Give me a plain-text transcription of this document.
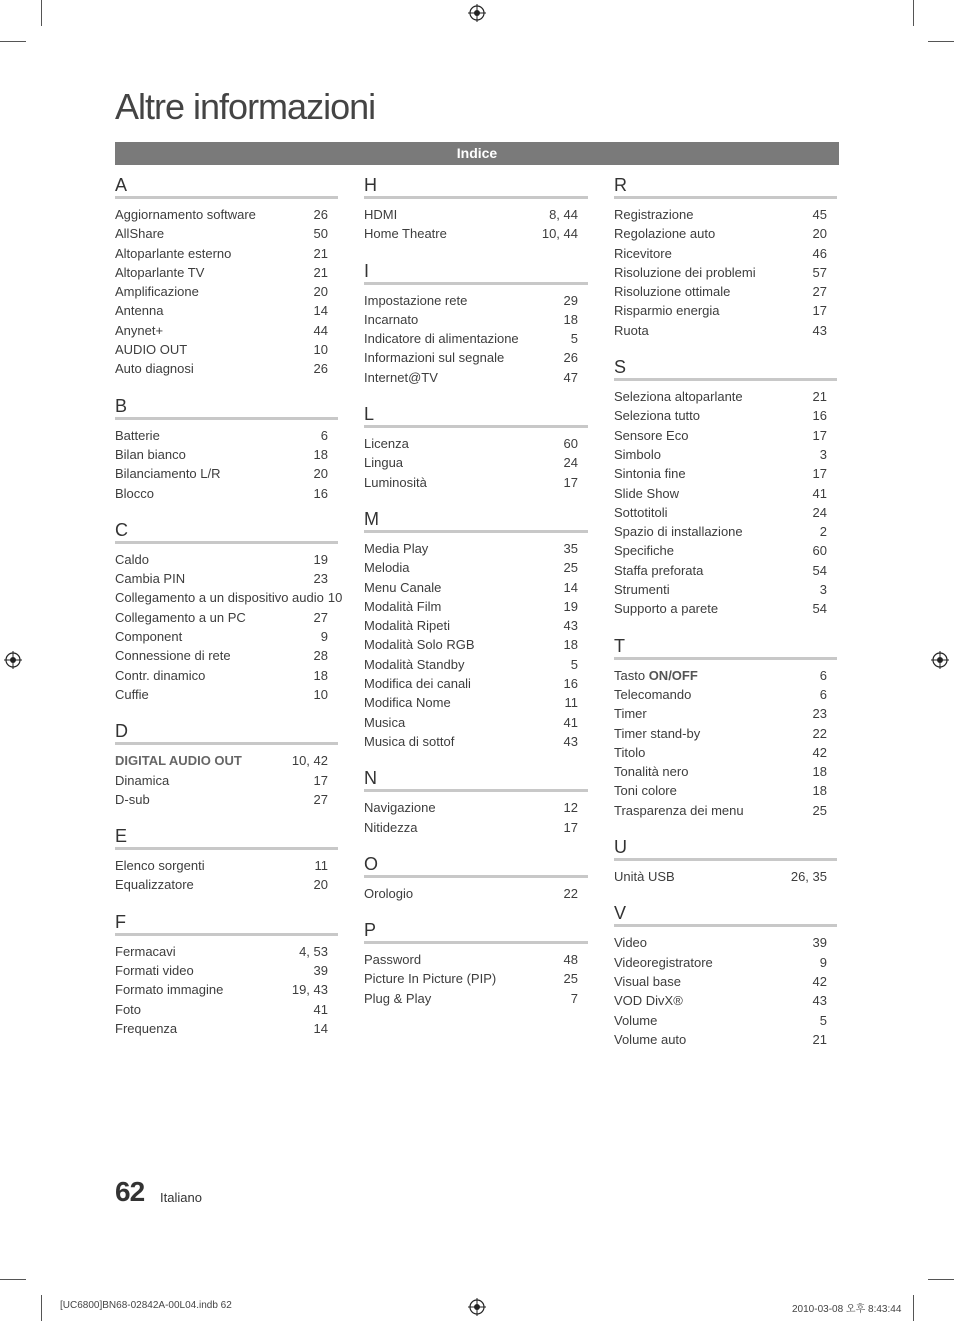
Altre informazioni
Indice
A
Aggiornamento software	26
AllShare	50
Altoparlante esterno	21
Altoparlante TV	21
Amplificazione	20
Antenna	14
Anynet+	44
AUDIO OUT	10
Auto diagnosi	26
B
Batterie	6
Bilan bianco	18
Bilanciamento L/R	20
Blocco	16
C
Caldo	19
Cambia PIN	23
Collegamento a un dispositivo audio 10
Collegamento a un PC	27
Component	9
Connessione di rete	28
Contr. dinamico	18
Cuffie	10
D
DIGITAL AUDIO OUT	10, 42
Dinamica	17
D-sub	27
E
Elenco sorgenti	11
Equalizzatore	20
F
Fermacavi	4, 53
Formati video	39
Formato immagine	19, 43
Foto	41
Frequenza	14
H
HDMI	8, 44
Home Theatre	10, 44
I
Impostazione rete	29
Incarnato	18
Indicatore di alimentazione	5
Informazioni sul segnale	26
Internet@TV	47
L
Licenza	60
Lingua	24
Luminosità	17
M
Media Play	35
Melodia	25
Menu Canale	14
Modalità Film	19
Modalità Ripeti	43
Modalità Solo RGB	18
Modalità Standby	5
Modifica dei canali	16
Modifica Nome	11
Musica	41
Musica di sottof	43
N
Navigazione	12
Nitidezza	17
O
Orologio	22
P
Password	48
Picture In Picture (PIP)	25
Plug & Play	7
R
Registrazione	45
Regolazione auto	20
Ricevitore	46
Risoluzione dei problemi	57
Risoluzione ottimale	27
Risparmio energia	17
Ruota	43
S
Seleziona altoparlante	21
Seleziona tutto	16
Sensore Eco	17
Simbolo	3
Sintonia fine	17
Slide Show	41
Sottotitoli	24
Spazio di installazione	2
Specifiche	60
Staffa preforata	54
Strumenti	3
Supporto a parete	54
T
Tasto ON/OFF	6
Telecomando	6
Timer	23
Timer stand-by	22
Titolo	42
Tonalità nero	18
Toni colore	18
Trasparenza dei menu	25
U
Unità USB	26, 35
V
Video	39
Videoregistratore	9
Visual base	42
VOD DivX®	43
Volume	5
Volume auto	21
62 Italiano
[UC6800]BN68-02842A-00L04.indb 62	2010-03-08 오후 8:43:44
